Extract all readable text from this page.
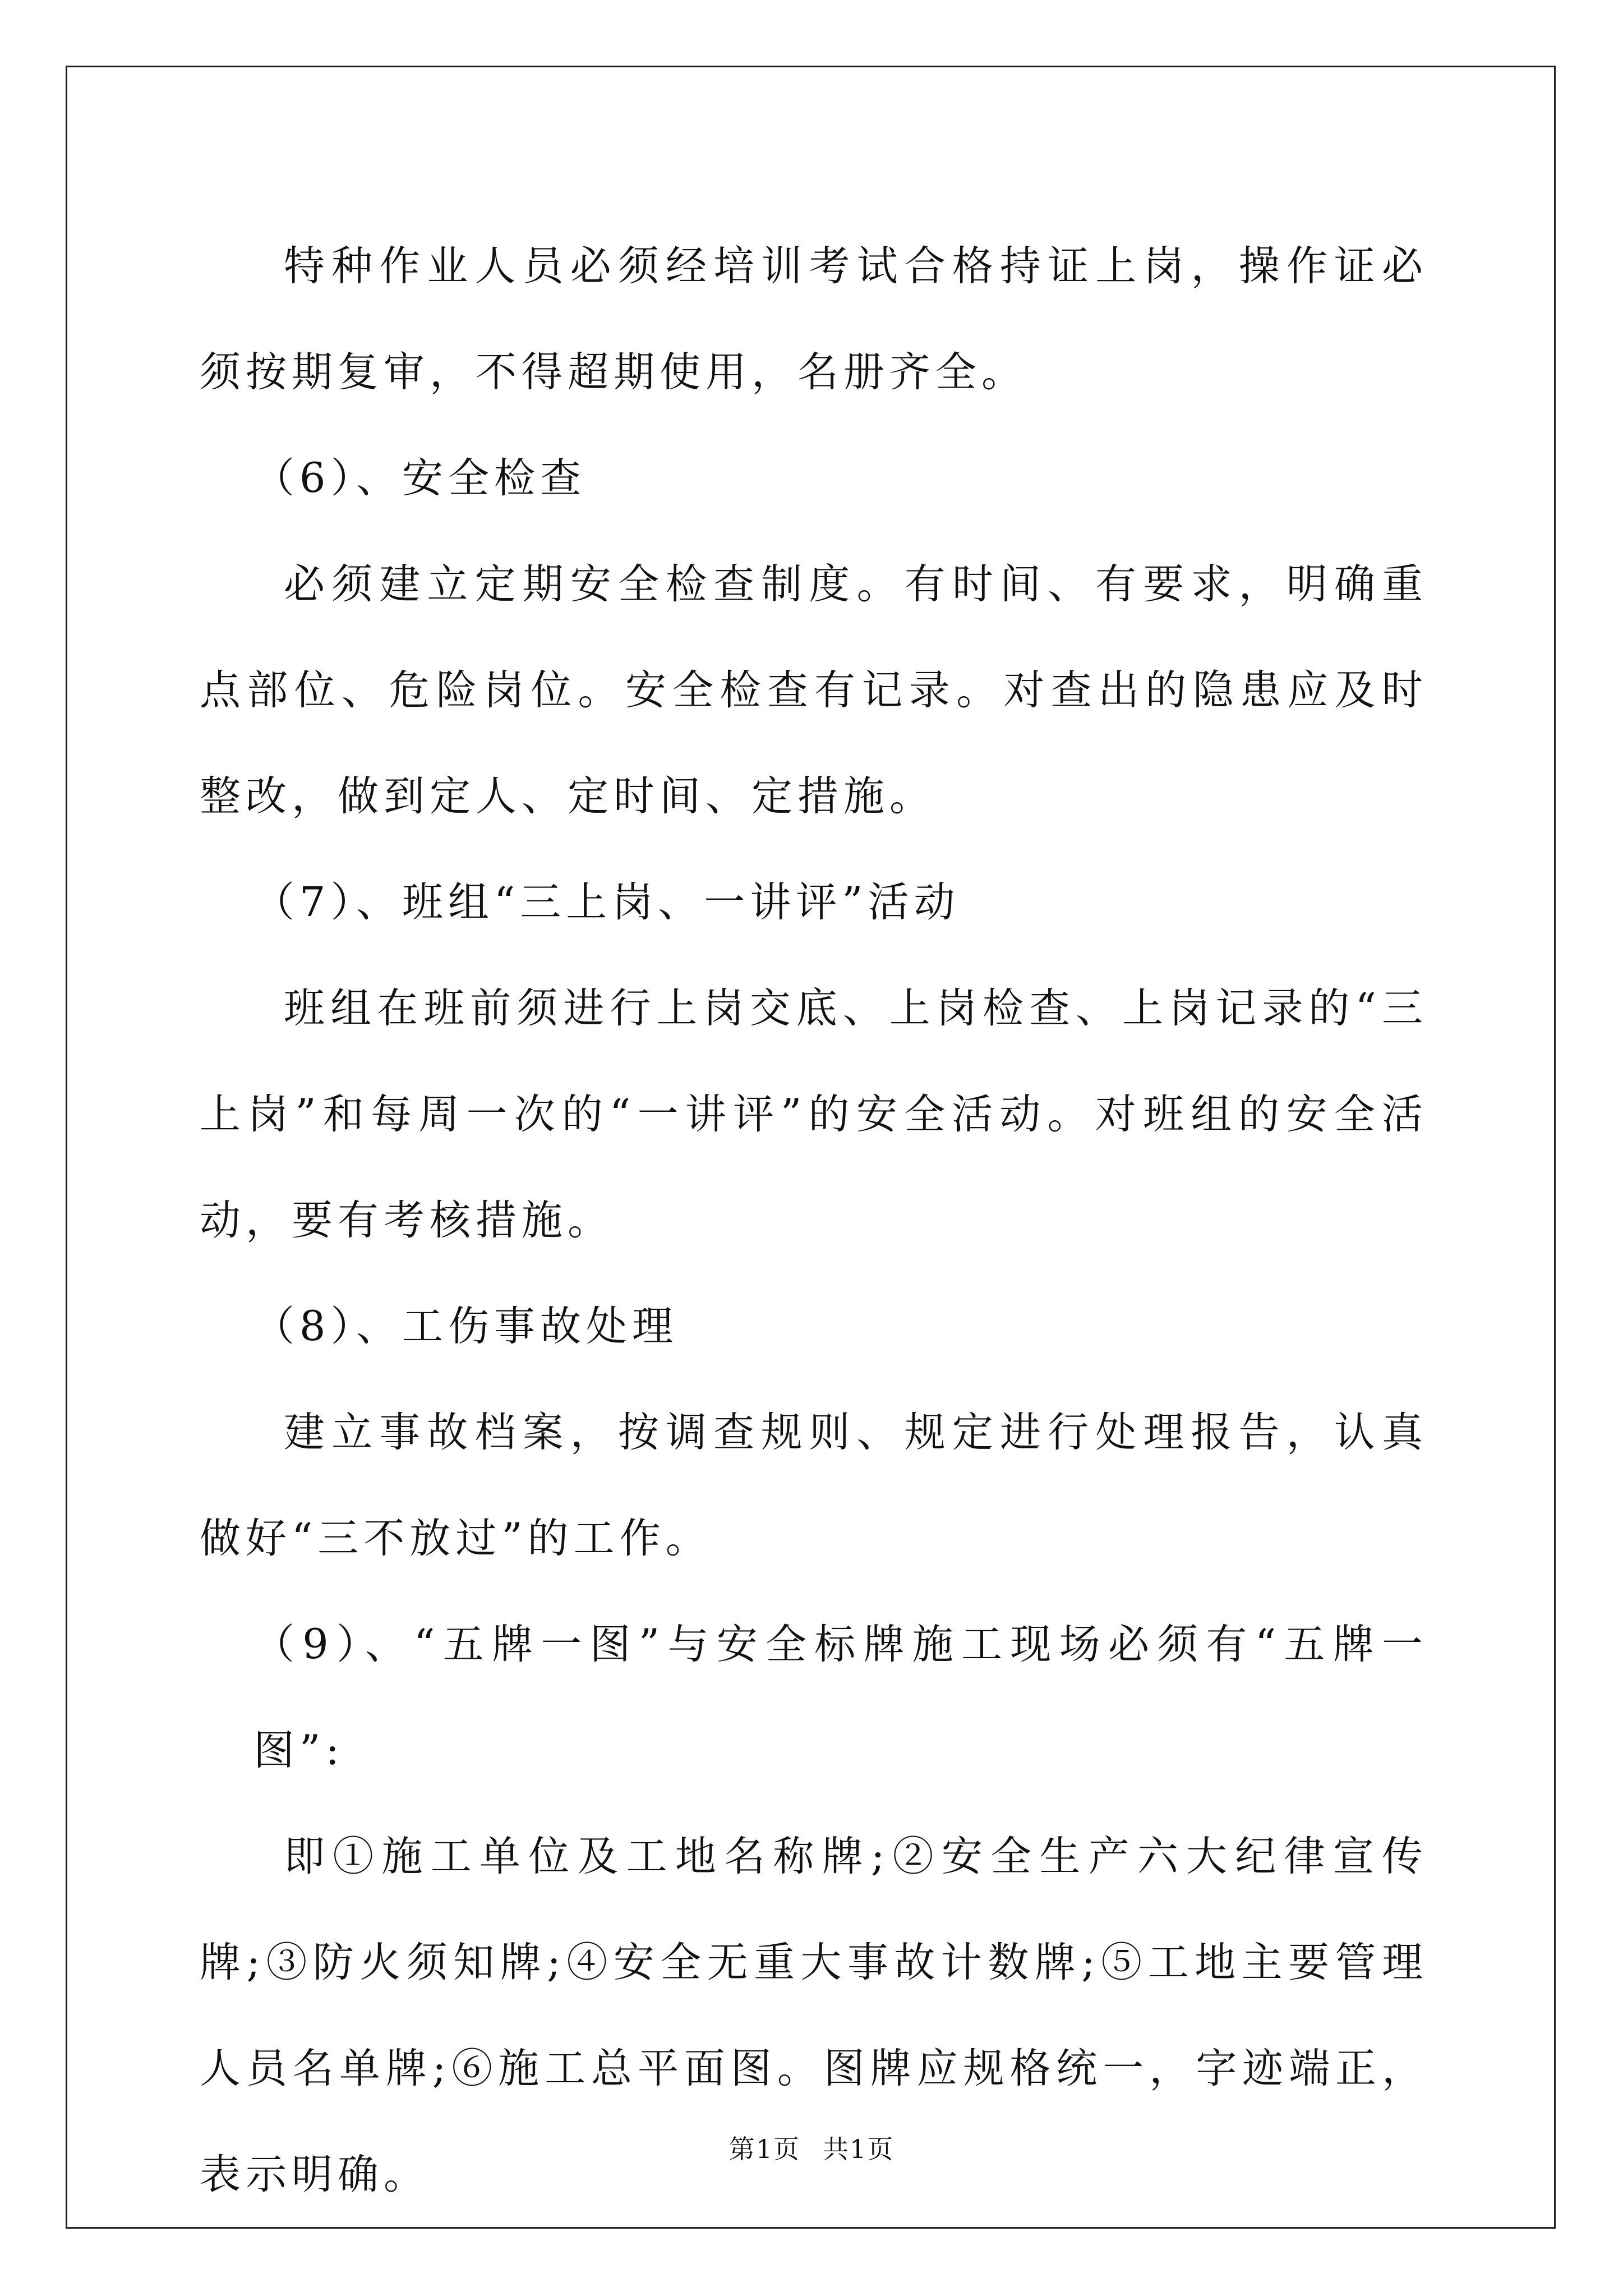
特种作业人员必须经培训考试合格持证上岗，操作证必须按期复审，不得超期使用，名册齐全。

（6）、安全检查

必须建立定期安全检查制度。有时间、有要求，明确重点部位、危险岗位。安全检查有记录。对查出的隐患应及时整改，做到定人、定时间、定措施。

（7）、班组“三上岗、一讲评”活动

班组在班前须进行上岗交底、上岗检查、上岗记录的“三上岗”和每周一次的“一讲评”的安全活动。对班组的安全活动，要有考核措施。

（8）、工伤事故处理

建立事故档案，按调查规则、规定进行处理报告，认真做好“三不放过”的工作。

（9）、“五牌一图”与安全标牌施工现场必须有“五牌一图”:

即①施工单位及工地名称牌;②安全生产六大纪律宣传牌;③防火须知牌;④安全无重大事故计数牌;⑤工地主要管理人员名单牌;⑥施工总平面图。图牌应规格统一，字迹端正，表示明确。

第1页 共1页
